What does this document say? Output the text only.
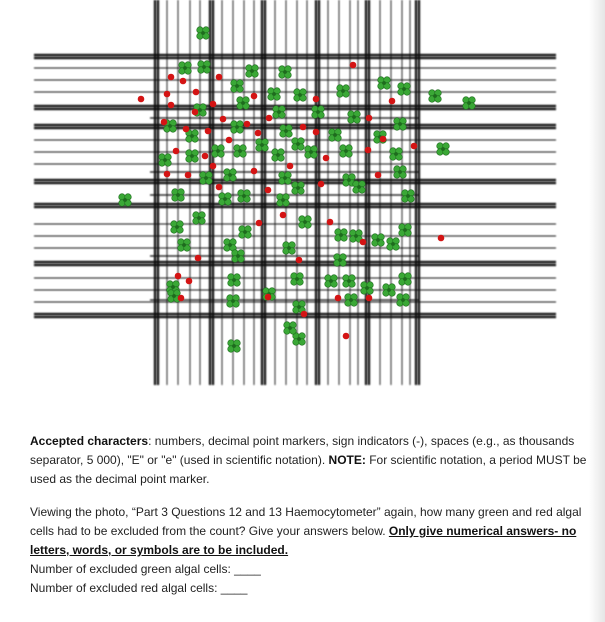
Accepted characters: numbers, decimal point markers, sign indicators (-), spaces (e.g., as thousands separator, 5 000), "E" or "e" (used in scientific notation). NOTE: For scientific notation, a period MUST be used as the decimal point marker.

Viewing the photo, “Part 3 Questions 12 and 13 Haemocytometer” again, how many green and red algal cells had to be excluded from the count? Give your answers below. Only give numerical answers- no letters, words, or symbols are to be included.

Number of excluded green algal cells: ____

Number of excluded red algal cells: ____
